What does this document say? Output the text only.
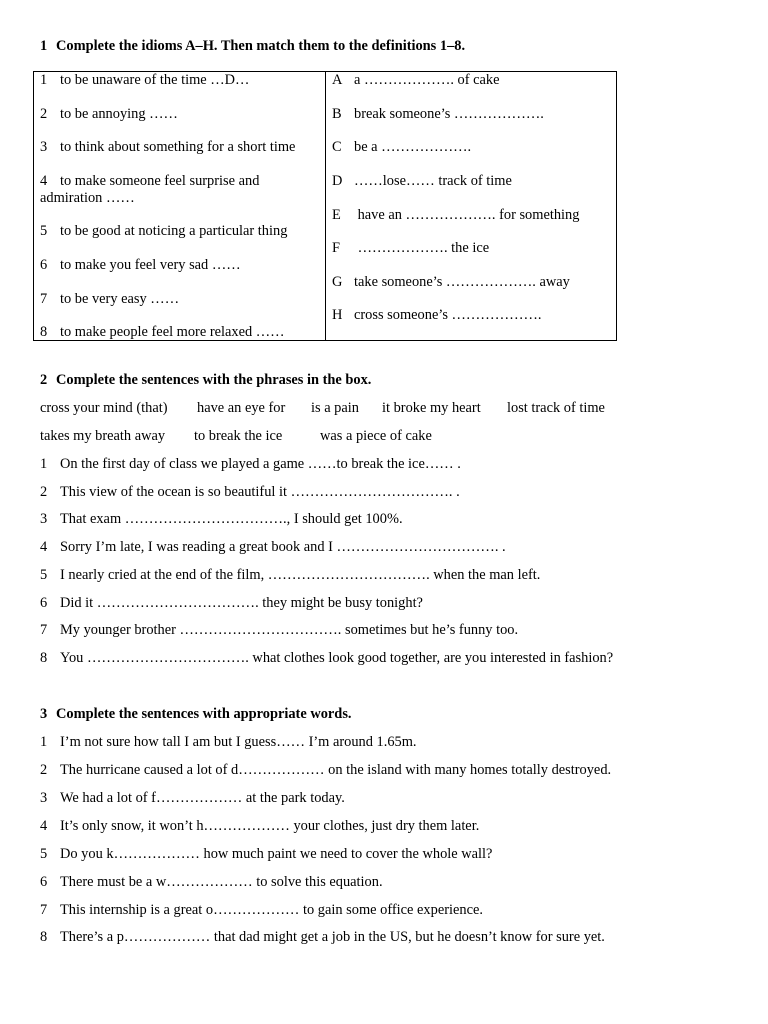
1 Complete the idioms A–H. Then match them to the definitions 1–8.
1 to be unaware of the time …D…
2 to be annoying ……
3 to think about something for a short time
4 to make someone feel surprise and admiration ……
5 to be good at noticing a particular thing
6 to make you feel very sad ……
7 to be very easy ……
8 to make people feel more relaxed ……
A a ………………. of cake
B break someone’s ……………….
C be a ……………….
D ……lose…… track of time
E have an ………………. for something
F ………………. the ice
G take someone’s ………………. away
H cross someone’s ……………….
2 Complete the sentences with the phrases in the box.
cross your mind (that) have an eye for is a pain it broke my heart lost track of time
takes my breath away to break the ice	was a piece of cake
1 On the first day of class we played a game ……to break the ice…… .
2 This view of the ocean is so beautiful it ……………………………. .
3 That exam ……………………………., I should get 100%.
4 Sorry I’m late, I was reading a great book and I ……………………………. .
5 I nearly cried at the end of the film, ……………………………. when the man left.
6 Did it ……………………………. they might be busy tonight?
7 My younger brother ……………………………. sometimes but he’s funny too.
8 You ……………………………. what clothes look good together, are you interested in fashion?
3 Complete the sentences with appropriate words.
1 I’m not sure how tall I am but I guess…… I’m around 1.65m.
2 The hurricane caused a lot of d……………… on the island with many homes totally destroyed.
3 We had a lot of f……………… at the park today.
4 It’s only snow, it won’t h……………… your clothes, just dry them later.
5 Do you k……………… how much paint we need to cover the whole wall?
6 There must be a w……………… to solve this equation.
7 This internship is a great o……………… to gain some office experience.
8 There’s a p……………… that dad might get a job in the US, but he doesn’t know for sure yet.
